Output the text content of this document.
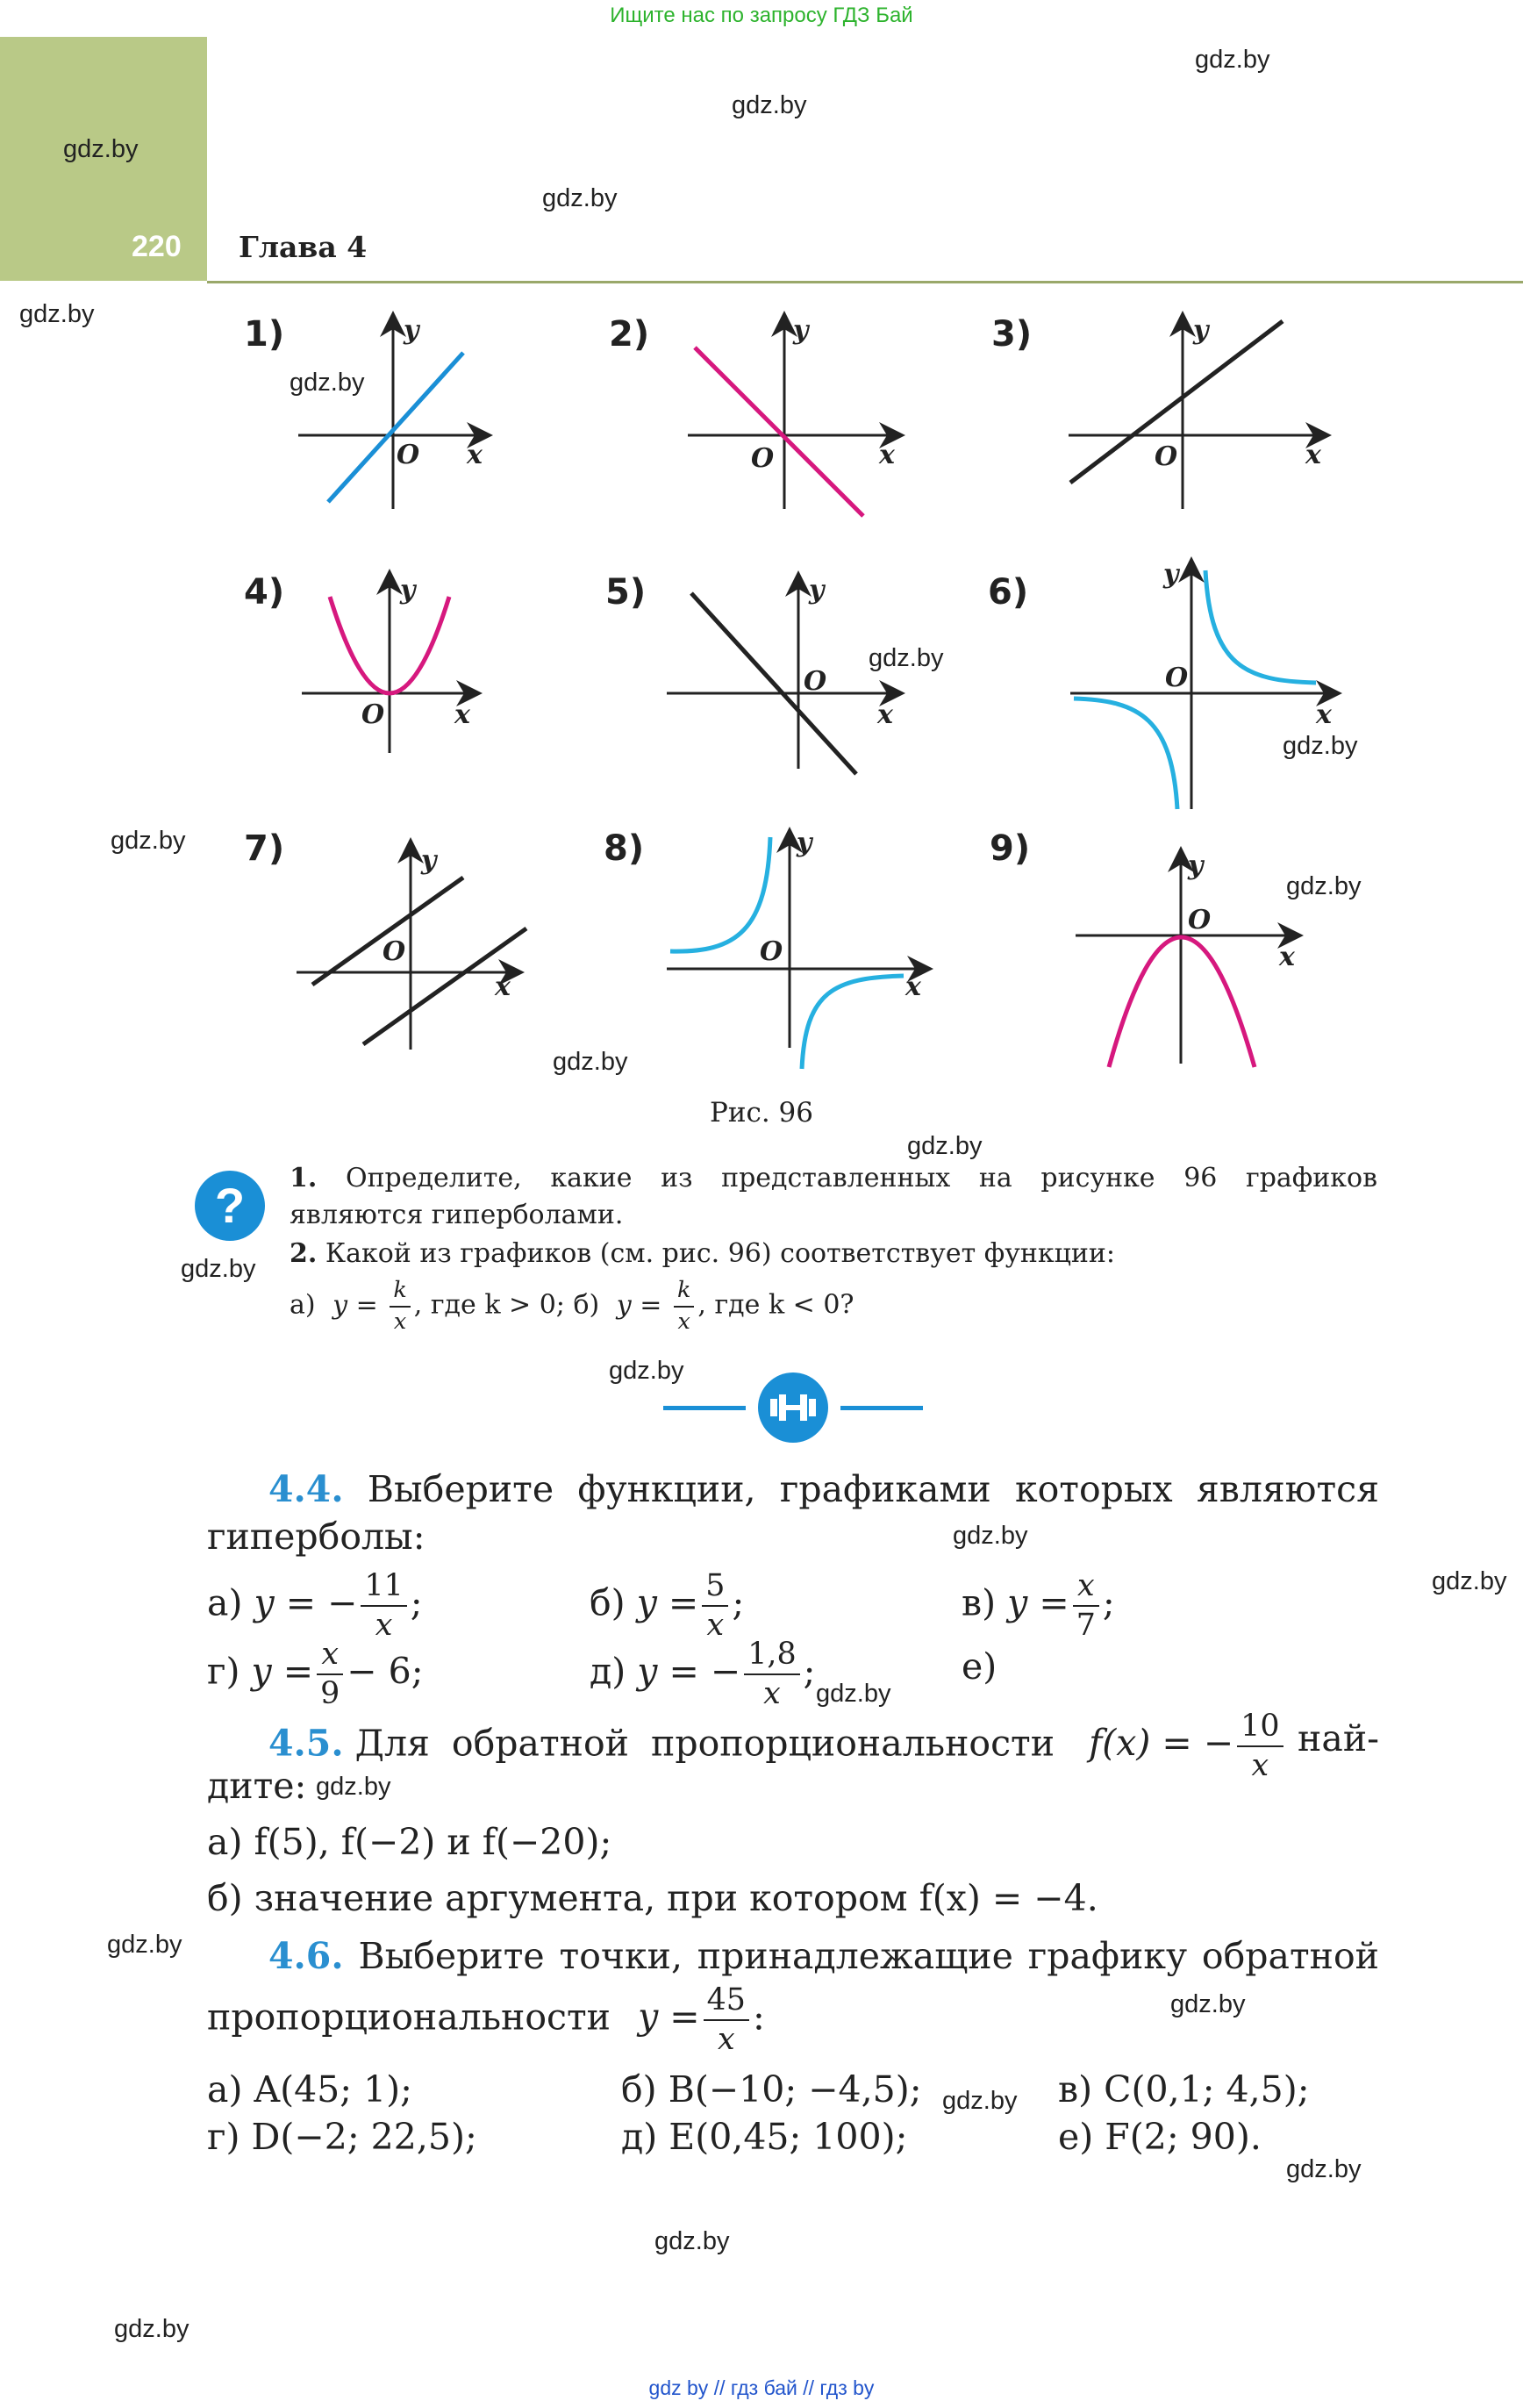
Ищите нас по запросу ГДЗ Бай
220 Глава 4
gdz.by
gdz.by
gdz.by
gdz.by
gdz.by
gdz.by
gdz.by
gdz.by
gdz.by
gdz.by
gdz.by
gdz.by
gdz.by
gdz.by
gdz.by
gdz.by
gdz.by
gdz.by
gdz.by
gdz.by
gdz.by
gdz.by
gdz.by
gdz.by
1)	2)	3)
4)	5)	6)
7)	8)	9)
x
y
O	x
y
O	x
y
O
x
y
O	x
y
O
x
y
O
x
y
O
x
y
O	x
y
O
Рис. 96
?	1. Определите, какие из представленных на рисунке 96 графиков
являются гиперболами.
2. Какой из графиков (см. рис. 96) соответствует функции:
а) $y = \frac{k}{x}$ , где k > 0; б) $y = \frac{k}{x}$ , где k < 0?
4.4. Выберите функции, графиками которых являются
гиперболы:
а) y = − $\frac{11}{x}$ ;	б) $y = \frac{5}{x}$ ;	в) $y = \frac{x}{7}$ ;
г) $y = \frac{x}{9} - 6$;	д) y = − $\frac{1,8}{x}$ ;	е)
4.5. Для обратной пропорциональности f(x) = − $\frac{10}{x} най-$
дите:
а) f(5), f(−2) и f(−20);
б) значение аргумента, при котором f(x) = −4.
4.6. Выберите точки, принадлежащие графику обратной
пропорциональности $y = \frac{45}{x}$ :
а) A(45; 1);	б) B(−10; −4,5);	в) C(0,1; 4,5);
г) D(−2; 22,5);	д) E(0,45; 100);	е) F(2; 90).
gdz by // гдз бай // гдз by
